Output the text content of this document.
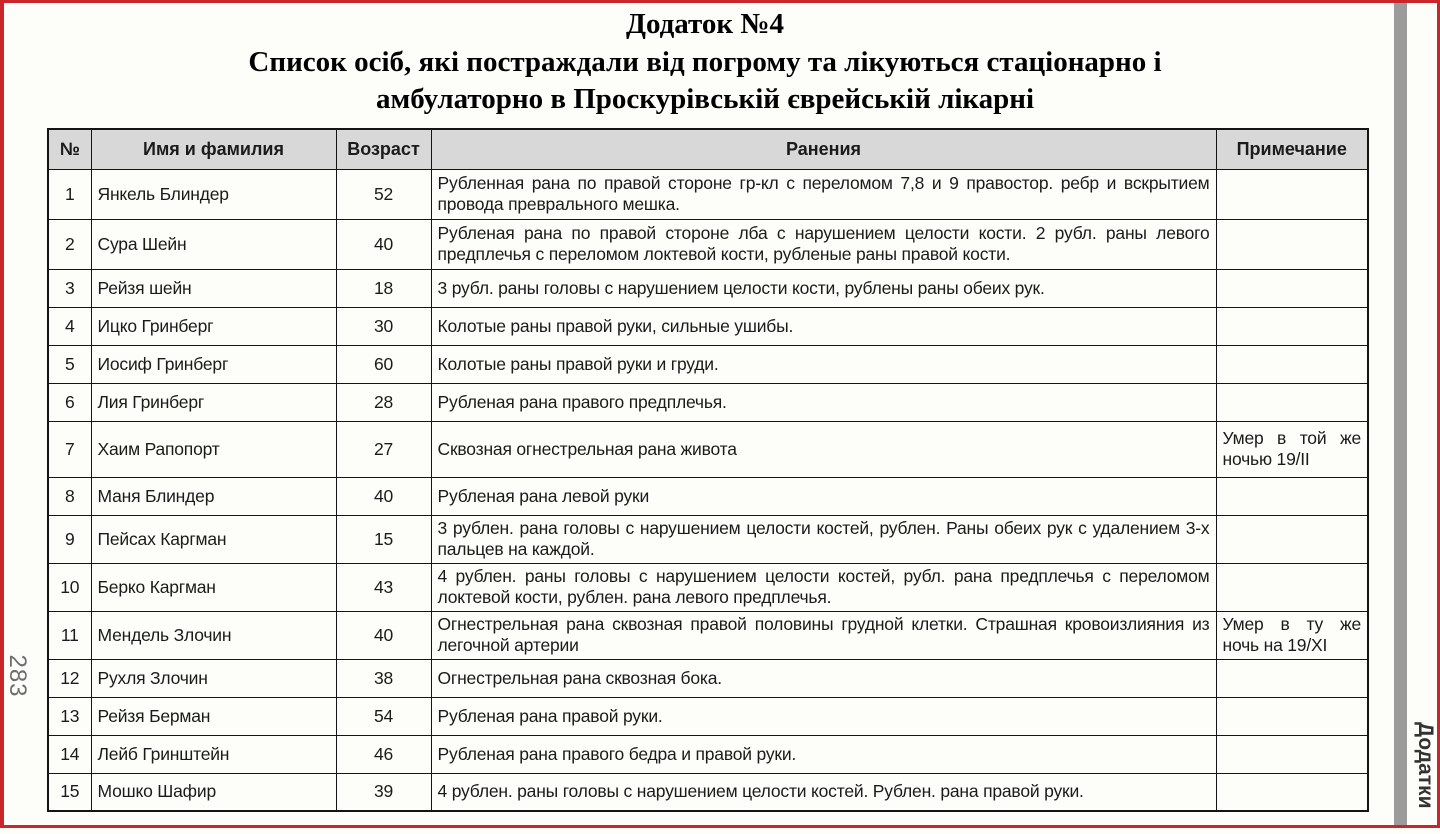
Додаток №4
Список осіб, які постраждали від погрому та лікуються стаціонарно і
амбулаторно в Проскурівській єврейській лікарні
№	Имя и фамилия	Возраст	Ранения	Примечание
1	Янкель Блиндер	52	Рубленная рана по правой стороне гр-кл с переломом 7,8 и 9 правостор. ребр и вскрытием провода преврального мешка.	
2	Сура Шейн	40	Рубленая рана по правой стороне лба с нарушением целости кости. 2 рубл. раны левого предплечья с переломом локтевой кости, рубленые раны правой кости.	
3	Рейзя шейн	18	3 рубл. раны головы с нарушением целости кости, рублены раны обеих рук.	
4	Ицко Гринберг	30	Колотые раны правой руки, сильные ушибы.	
5	Иосиф Гринберг	60	Колотые раны правой руки и груди.	
6	Лия Гринберг	28	Рубленая рана правого предплечья.	
7	Хаим Рапопорт	27	Сквозная огнестрельная рана живота	Умер в той же ночью 19/II
8	Маня Блиндер	40	Рубленая рана левой руки	
9	Пейсах Каргман	15	3 рублен. рана головы с нарушением целости костей, рублен. Раны обеих рук с удалением 3-х пальцев на каждой.	
10	Берко Каргман	43	4 рублен. раны головы с нарушением целости костей, рубл. рана предплечья с переломом локтевой кости, рублен. рана левого предплечья.	
11	Мендель Злочин	40	Огнестрельная рана сквозная правой половины грудной клетки. Страшная кровоизлияния из легочной артерии	Умер в ту же ночь на 19/XI
12	Рухля Злочин	38	Огнестрельная рана сквозная бока.	
13	Рейзя Берман	54	Рубленая рана правой руки.	
14	Лейб Гринштейн	46	Рубленая рана правого бедра и правой руки.	
15	Мошко Шафир	39	4 рублен. раны головы с нарушением целости костей. Рублен. рана правой руки.	
283
Додатки
